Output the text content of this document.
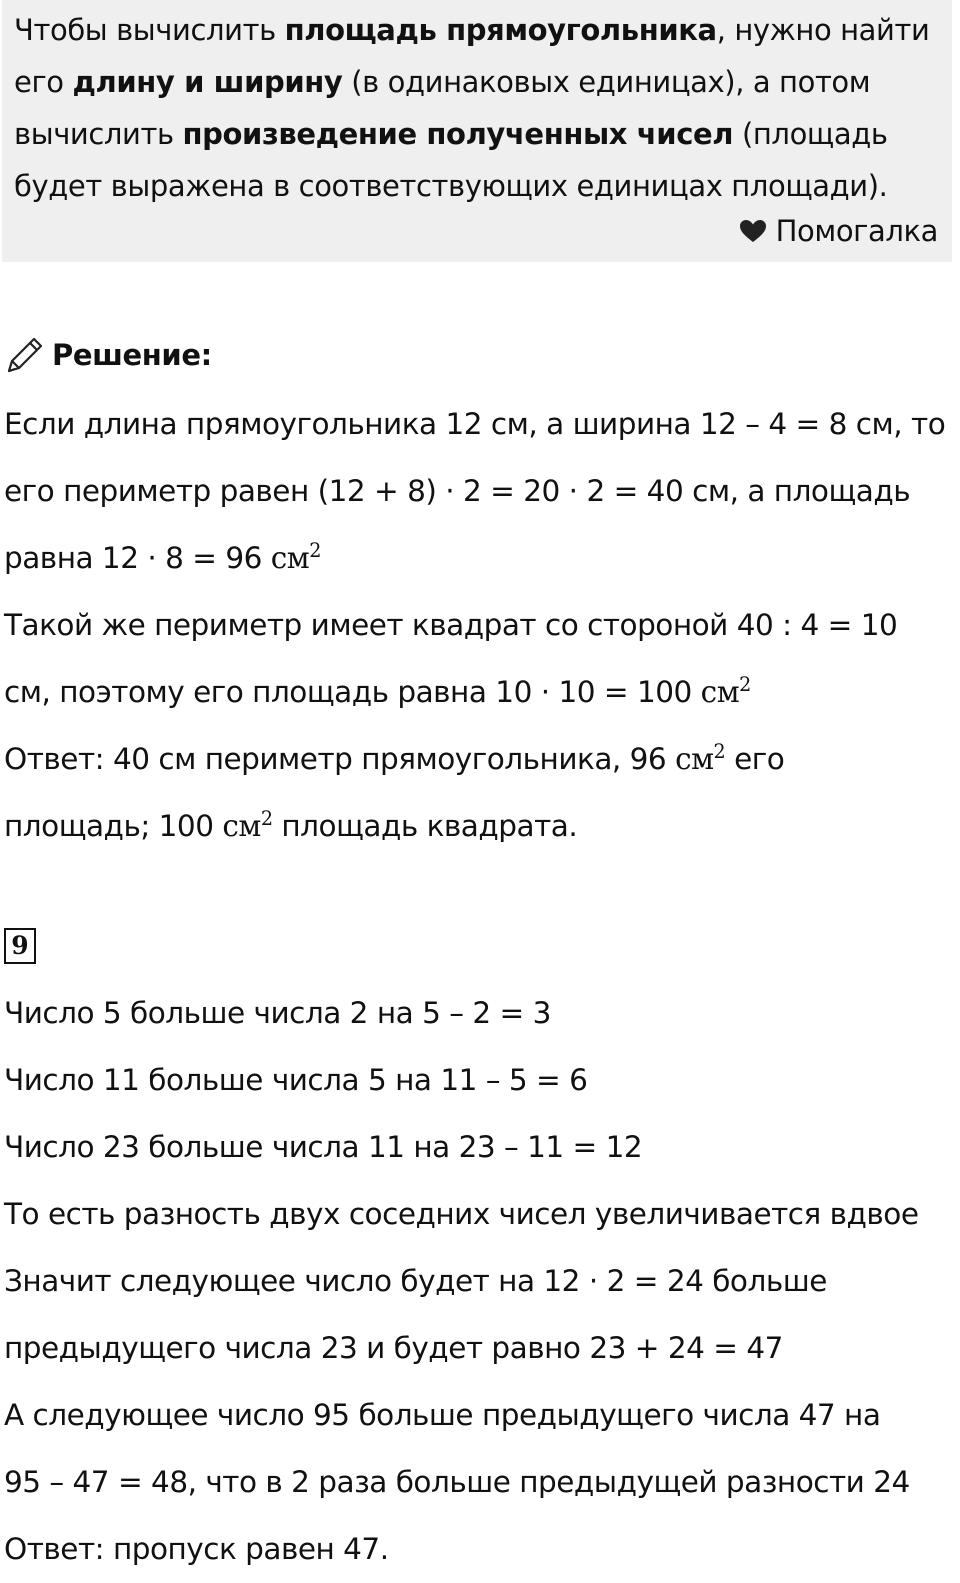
Чтобы вычислить площадь прямоугольника, нужно найти его длину и ширину (в одинаковых единицах), а потом вычислить произведение полученных чисел (площадь будет выражена в соответствующих единицах площади).

Помогалка
Решение:
Если длина прямоугольника 12 см, а ширина 12 – 4 = 8 см, то
его периметр равен (12 + 8) · 2 = 20 · 2 = 40 см, а площадь
равна 12 · 8 = 96 $см^2$
Такой же периметр имеет квадрат со стороной 40 : 4 = 10
см, поэтому его площадь равна 10 · 10 = 100 $см^2$
Ответ: 40 см периметр прямоугольника, 96 $см^2$ его
площадь; 100 $см^2$ площадь квадрата.
9
Число 5 больше числа 2 на 5 – 2 = 3
Число 11 больше числа 5 на 11 – 5 = 6
Число 23 больше числа 11 на 23 – 11 = 12
То есть разность двух соседних чисел увеличивается вдвое
Значит следующее число будет на 12 · 2 = 24 больше
предыдущего числа 23 и будет равно 23 + 24 = 47
А следующее число 95 больше предыдущего числа 47 на
95 – 47 = 48, что в 2 раза больше предыдущей разности 24
Ответ: пропуск равен 47.
